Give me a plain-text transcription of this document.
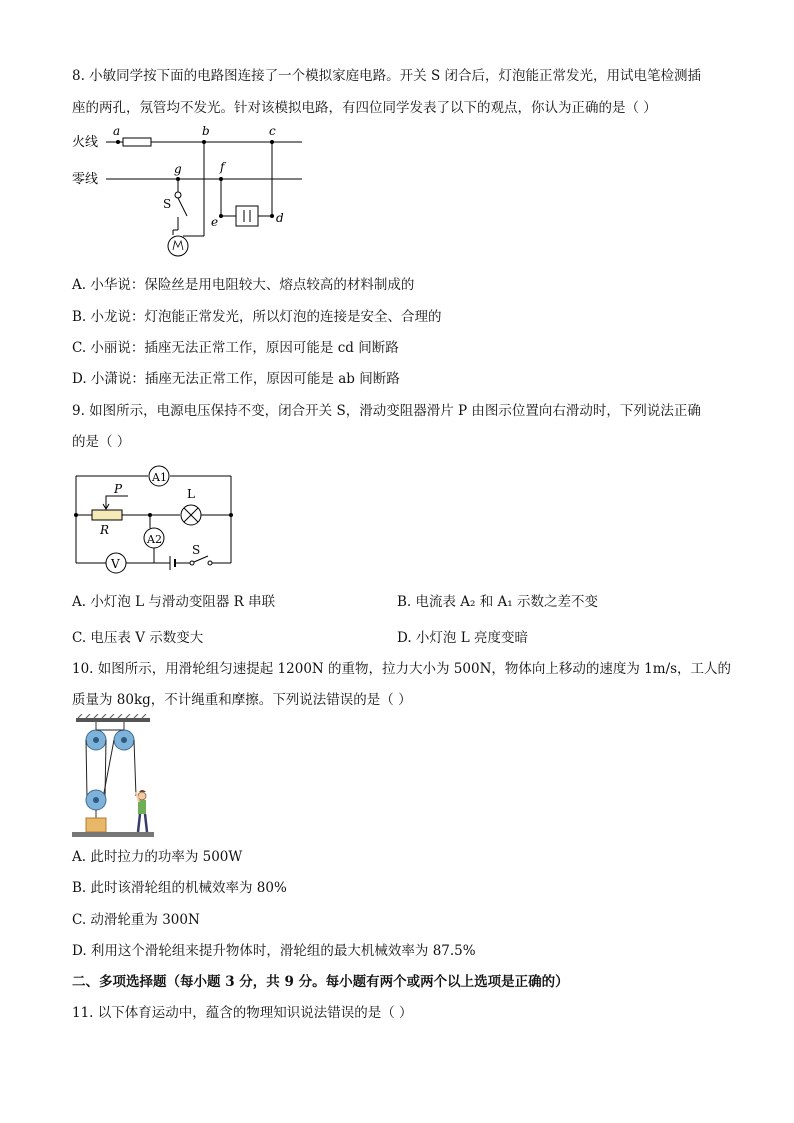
8. 小敏同学按下面的电路图连接了一个模拟家庭电路。开关 S 闭合后，灯泡能正常发光，用试电笔检测插
座的两孔，氖管均不发光。针对该模拟电路，有四位同学发表了以下的观点，你认为正确的是（ ）
火线
a	b	c
零线
g	f
S
e	d
A. 小华说：保险丝是用电阻较大、熔点较高的材料制成的
B. 小龙说：灯泡能正常发光，所以灯泡的连接是安全、合理的
C. 小丽说：插座无法正常工作，原因可能是 cd 间断路
D. 小潇说：插座无法正常工作，原因可能是 ab 间断路
9. 如图所示，电源电压保持不变，闭合开关 S，滑动变阻器滑片 P 由图示位置向右滑动时，下列说法正确
的是（ ）
A1
R
P	L
A2
V
S
A. 小灯泡 L 与滑动变阻器 R 串联	B. 电流表 A₂ 和 A₁ 示数之差不变
C. 电压表 V 示数变大	D. 小灯泡 L 亮度变暗
10. 如图所示，用滑轮组匀速提起 1200N 的重物，拉力大小为 500N，物体向上移动的速度为 1m/s，工人的
质量为 80kg，不计绳重和摩擦。下列说法错误的是（ ）
A. 此时拉力的功率为 500W
B. 此时该滑轮组的机械效率为 80%
C. 动滑轮重为 300N
D. 利用这个滑轮组来提升物体时，滑轮组的最大机械效率为 87.5%
二、多项选择题（每小题 3 分，共 9 分。每小题有两个或两个以上选项是正确的）
11. 以下体育运动中，蕴含的物理知识说法错误的是（ ）
